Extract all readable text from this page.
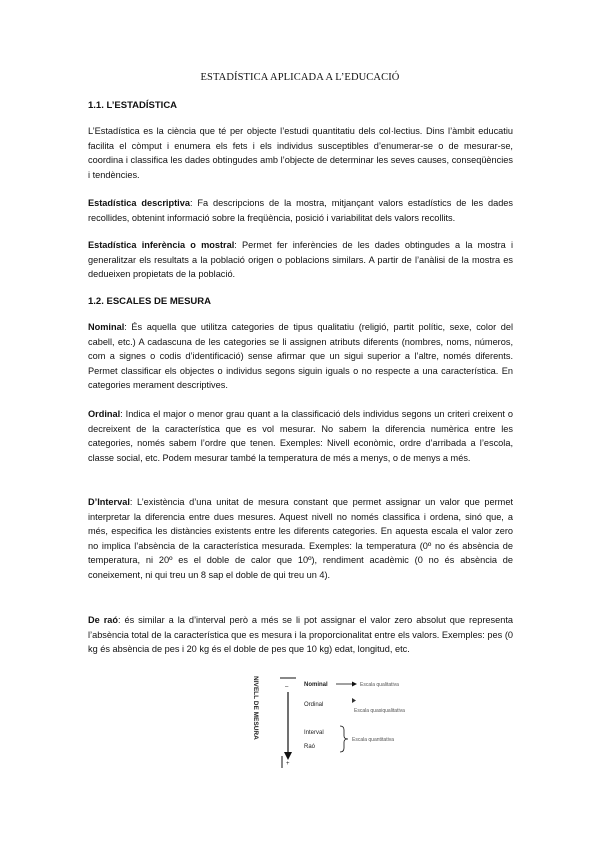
ESTADÍSTICA APLICADA A L’EDUCACIÓ
1.1. L’ESTADÍSTICA

L’Estadística es la ciència que té per objecte l’estudi quantitatiu dels col·lectius. Dins l’àmbit educatiu facilita el còmput i enumera els fets i els individus susceptibles d’enumerar-se o de mesurar-se, coordina i classifica les dades obtingudes amb l’objecte de determinar les seves causes, conseqüències i tendències.

Estadística descriptiva: Fa descripcions de la mostra, mitjançant valors estadístics de les dades recollides, obtenint informació sobre la freqüència, posició i variabilitat dels valors recollits.

Estadística inferència o mostral: Permet fer inferències de les dades obtingudes a la mostra i generalitzar els resultats a la població origen o poblacions similars. A partir de l’anàlisi de la mostra es dedueixen propietats de la població.

1.2. ESCALES DE MESURA

Nominal: És aquella que utilitza categories de tipus qualitatiu (religió, partit polític, sexe, color del cabell, etc.) A cadascuna de les categories se li assignen atributs diferents (nombres, noms, números, com a signes o codis d’identificació) sense afirmar que un sigui superior a l’altre, només diferents. Permet classificar els objectes o individus segons siguin iguals o no respecte a una característica. En categories merament descriptives.

Ordinal: Indica el major o menor grau quant a la classificació dels individus segons un criteri creixent o decreixent de la característica que es vol mesurar. No sabem la diferencia numèrica entre les categories, només sabem l’ordre que tenen. Exemples: Nivell econòmic, ordre d’arribada a l’escola, classe social, etc. Podem mesurar també la temperatura de més a menys, o de menys a més.

D’Interval: L’existència d’una unitat de mesura constant que permet assignar un valor que permet interpretar la diferencia entre dues mesures. Aquest nivell no només classifica i ordena, sinó que, a més, especifica les distàncies existents entre les diferents categories. En aquesta escala el valor zero no implica l’absència de la característica mesurada. Exemples: la temperatura (0º no és absència de temperatura, ni 20º es el doble de calor que 10º), rendiment acadèmic (0 no és absència de coneixement, ni qui treu un 8 sap el doble de qui treu un 4).

De raó: és similar a la d’interval però a més se li pot assignar el valor zero absolut que representa l’absència total de la característica que es mesura i la proporcionalitat entre els valors. Exemples: pes (0 kg és absència de pes i 20 kg és el doble de pes que 10 kg) edat, longitud, etc.

NIVELL DE MESURA	–
+
Nominal
Ordinal
Interval
Raó
Escala qualitativa
Escala quasiqualitativa
Escala quantitativa
